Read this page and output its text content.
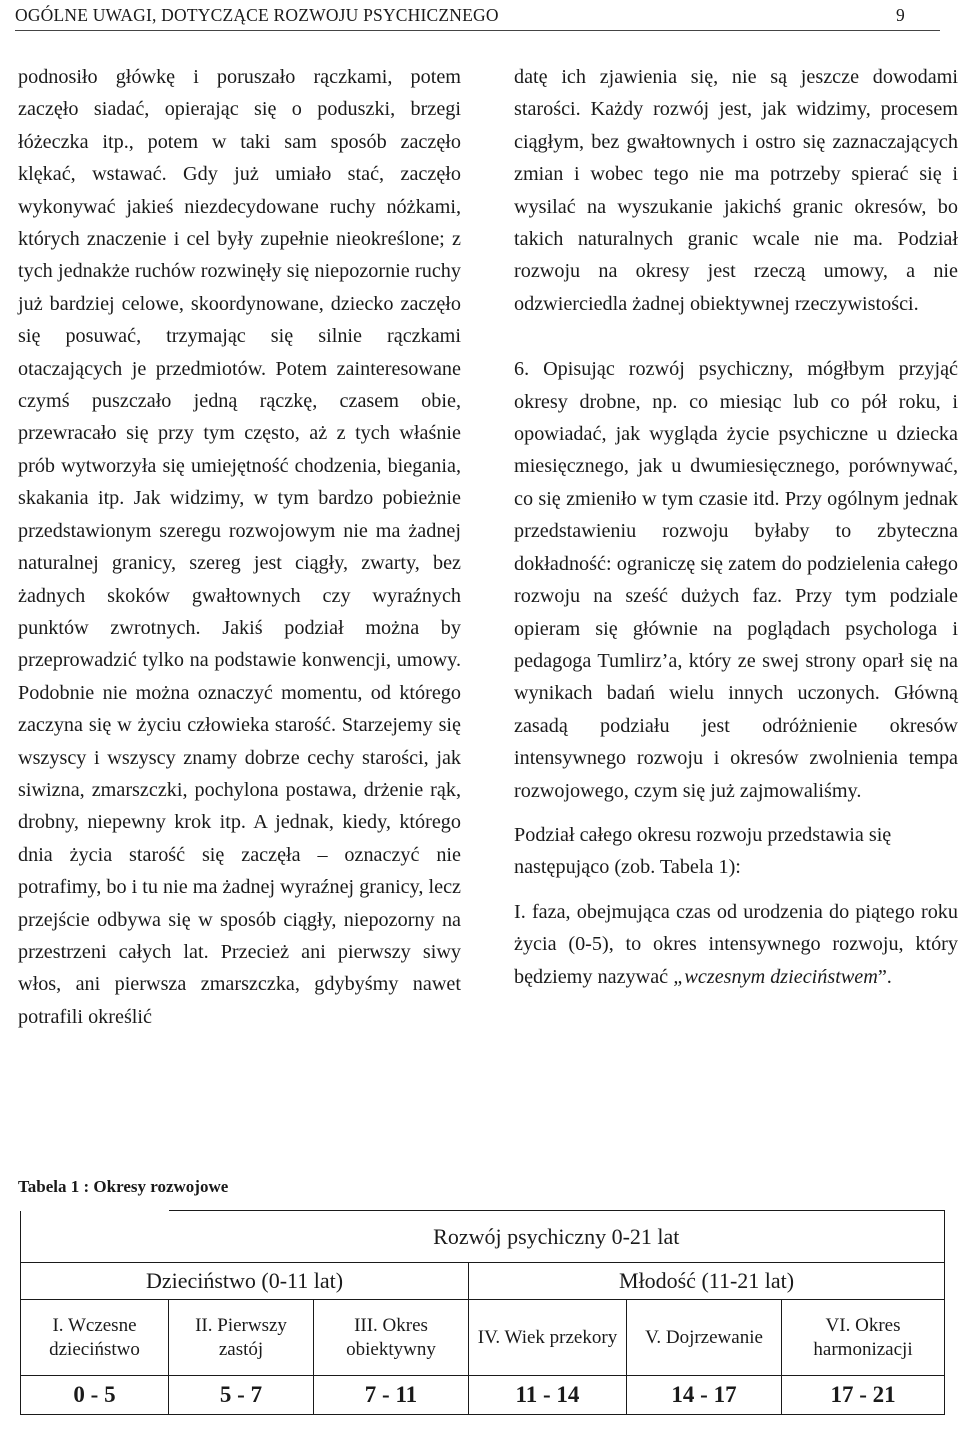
OGÓLNE UWAGI, DOTYCZĄCE ROZWOJU PSYCHICZNEGO	9

podnosiło główkę i poruszało rączkami, potem zaczęło siadać, opierając się o poduszki, brzegi łóżeczka itp., potem w taki sam sposób zaczęło klękać, wstawać. Gdy już umiało stać, zaczęło wykonywać jakieś niezdecydowane ruchy nóżkami, których znaczenie i cel były zupełnie nieokreślone; z tych jednakże ruchów rozwinęły się niepozornie ruchy już bardziej celowe, skoordynowane, dziecko zaczęło się posuwać, trzymając się silnie rączkami otaczających je przedmiotów. Potem zainteresowane czymś puszczało jedną rączkę, czasem obie, przewracało się przy tym często, aż z tych właśnie prób wytworzyła się umiejętność chodzenia, biegania, skakania itp. Jak widzimy, w tym bardzo pobieżnie przedstawionym szeregu rozwojowym nie ma żadnej naturalnej granicy, szereg jest ciągły, zwarty, bez żadnych skoków gwałtownych czy wyraźnych punktów zwrotnych. Jakiś podział można by przeprowadzić tylko na podstawie konwencji, umowy. Podobnie nie można oznaczyć momentu, od którego zaczyna się w życiu człowieka starość. Starzejemy się wszyscy i wszyscy znamy dobrze cechy starości, jak siwizna, zmarszczki, pochylona postawa, drżenie rąk, drobny, niepewny krok itp. A jednak, kiedy, którego dnia życia starość się zaczęła – oznaczyć nie potrafimy, bo i tu nie ma żadnej wyraźnej granicy, lecz przejście odbywa się w sposób ciągły, niepozorny na przestrzeni całych lat. Przecież ani pierwszy siwy włos, ani pierwsza zmarszczka, gdybyśmy nawet potrafili określić

datę ich zjawienia się, nie są jeszcze dowodami starości. Każdy rozwój jest, jak widzimy, procesem ciągłym, bez gwałtownych i ostro się zaznaczających zmian i wobec tego nie ma potrzeby spierać się i wysilać na wyszukanie jakichś granic okresów, bo takich naturalnych granic wcale nie ma. Podział rozwoju na okresy jest rzeczą umowy, a nie odzwierciedla żadnej obiektywnej rzeczywistości.

6. Opisując rozwój psychiczny, mógłbym przyjąć okresy drobne, np. co miesiąc lub co pół roku, i opowiadać, jak wygląda życie psychiczne u dziecka miesięcznego, jak u dwumiesięcznego, porównywać, co się zmieniło w tym czasie itd. Przy ogólnym jednak przedstawieniu rozwoju byłaby to zbyteczna dokładność: ograniczę się zatem do podzielenia całego rozwoju na sześć dużych faz. Przy tym podziale opieram się głównie na poglądach psychologa i pedagoga Tumlirz’a, który ze swej strony oparł się na wynikach badań wielu innych uczonych. Główną zasadą podziału jest odróżnienie okresów intensywnego rozwoju i okresów zwolnienia tempa rozwojowego, czym się już zajmowaliśmy.

Podział całego okresu rozwoju przedstawia się następująco (zob. Tabela 1):

I. faza, obejmująca czas od urodzenia do piątego roku życia (0-5), to okres intensywnego rozwoju, który będziemy nazywać „wczesnym dzieciństwem”.

Tabela 1 : Okresy rozwojowe
	Rozwój psychiczny 0-21 lat				
Dzieciństwo (0-11 lat)			Młodość (11-21 lat)		
I. Wczesne dzieciństwo	II. Pierwszy zastój	III. Okres obiektywny	IV. Wiek przekory	V. Dojrzewanie	VI. Okres harmonizacji
0 - 5	5 - 7	7 - 11	11 - 14	14 - 17	17 - 21
